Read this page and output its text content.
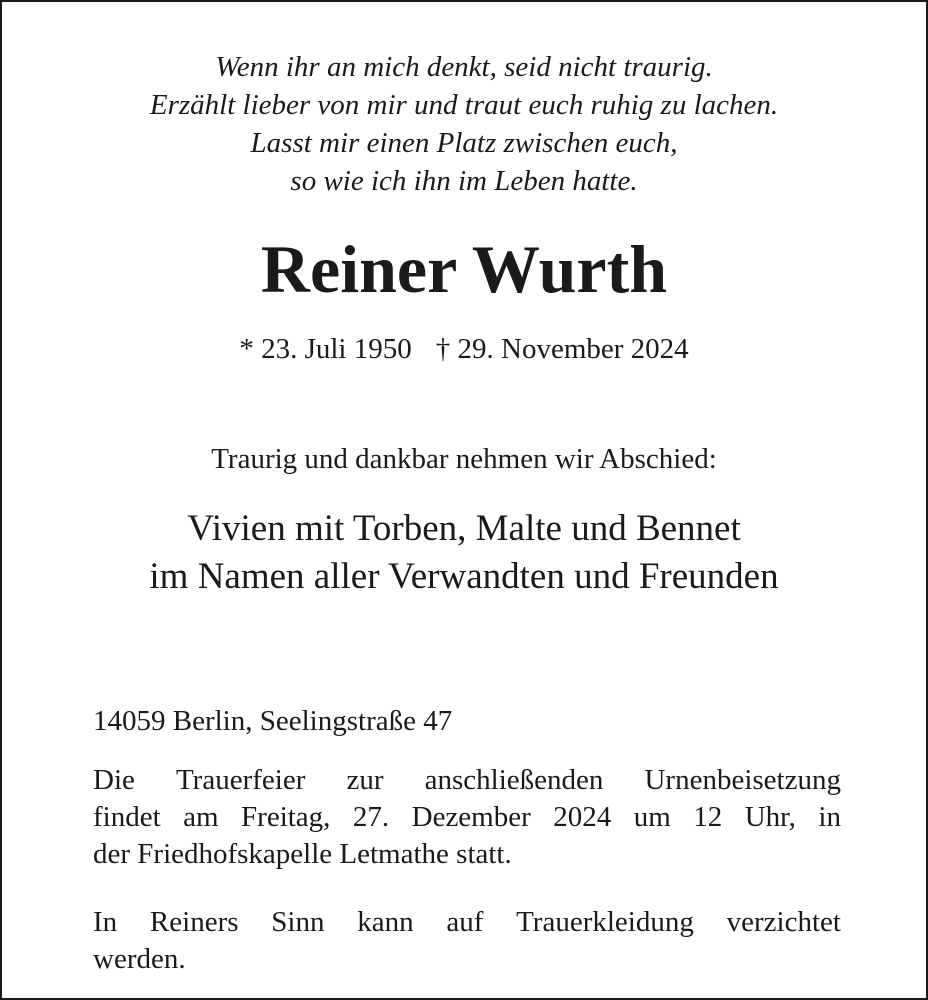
Wenn ihr an mich denkt, seid nicht traurig.
Erzählt lieber von mir und traut euch ruhig zu lachen.
Lasst mir einen Platz zwischen euch,
so wie ich ihn im Leben hatte.
Reiner Wurth
* 23. Juli 1950 † 29. November 2024
Traurig und dankbar nehmen wir Abschied:
Vivien mit Torben, Malte und Bennet
im Namen aller Verwandten und Freunden
14059 Berlin, Seelingstraße 47
Die Trauerfeier zur anschließenden Urnenbeisetzung
findet am Freitag, 27. Dezember 2024 um 12 Uhr, in
der Friedhofskapelle Letmathe statt.
In Reiners Sinn kann auf Trauerkleidung verzichtet
werden.
